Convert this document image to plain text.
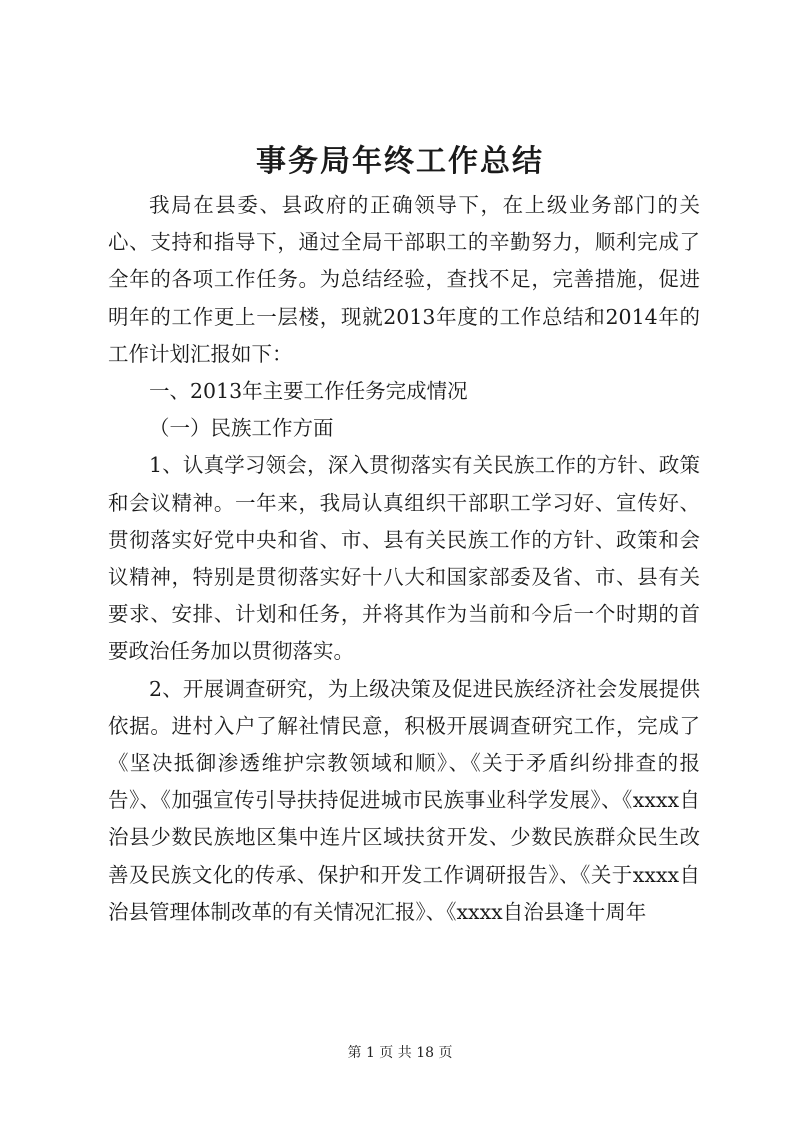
事务局年终工作总结

我局在县委、县政府的正确领导下，在上级业务部门的关心、支持和指导下，通过全局干部职工的辛勤努力，顺利完成了全年的各项工作任务。为总结经验，查找不足，完善措施，促进明年的工作更上一层楼，现就2013年度的工作总结和2014年的工作计划汇报如下：

一、2013年主要工作任务完成情况

（一）民族工作方面

1、认真学习领会，深入贯彻落实有关民族工作的方针、政策和会议精神。一年来，我局认真组织干部职工学习好、宣传好、贯彻落实好党中央和省、市、县有关民族工作的方针、政策和会议精神，特别是贯彻落实好十八大和国家部委及省、市、县有关要求、安排、计划和任务，并将其作为当前和今后一个时期的首要政治任务加以贯彻落实。

2、开展调查研究，为上级决策及促进民族经济社会发展提供依据。进村入户了解社情民意，积极开展调查研究工作，完成了《坚决抵御渗透维护宗教领域和顺》、《关于矛盾纠纷排查的报告》、《加强宣传引导扶持促进城市民族事业科学发展》、《xxxx自治县少数民族地区集中连片区域扶贫开发、少数民族群众民生改善及民族文化的传承、保护和开发工作调研报告》、《关于xxxx自治县管理体制改革的有关情况汇报》、《xxxx自治县逢十周年

第 1 页 共 18 页
